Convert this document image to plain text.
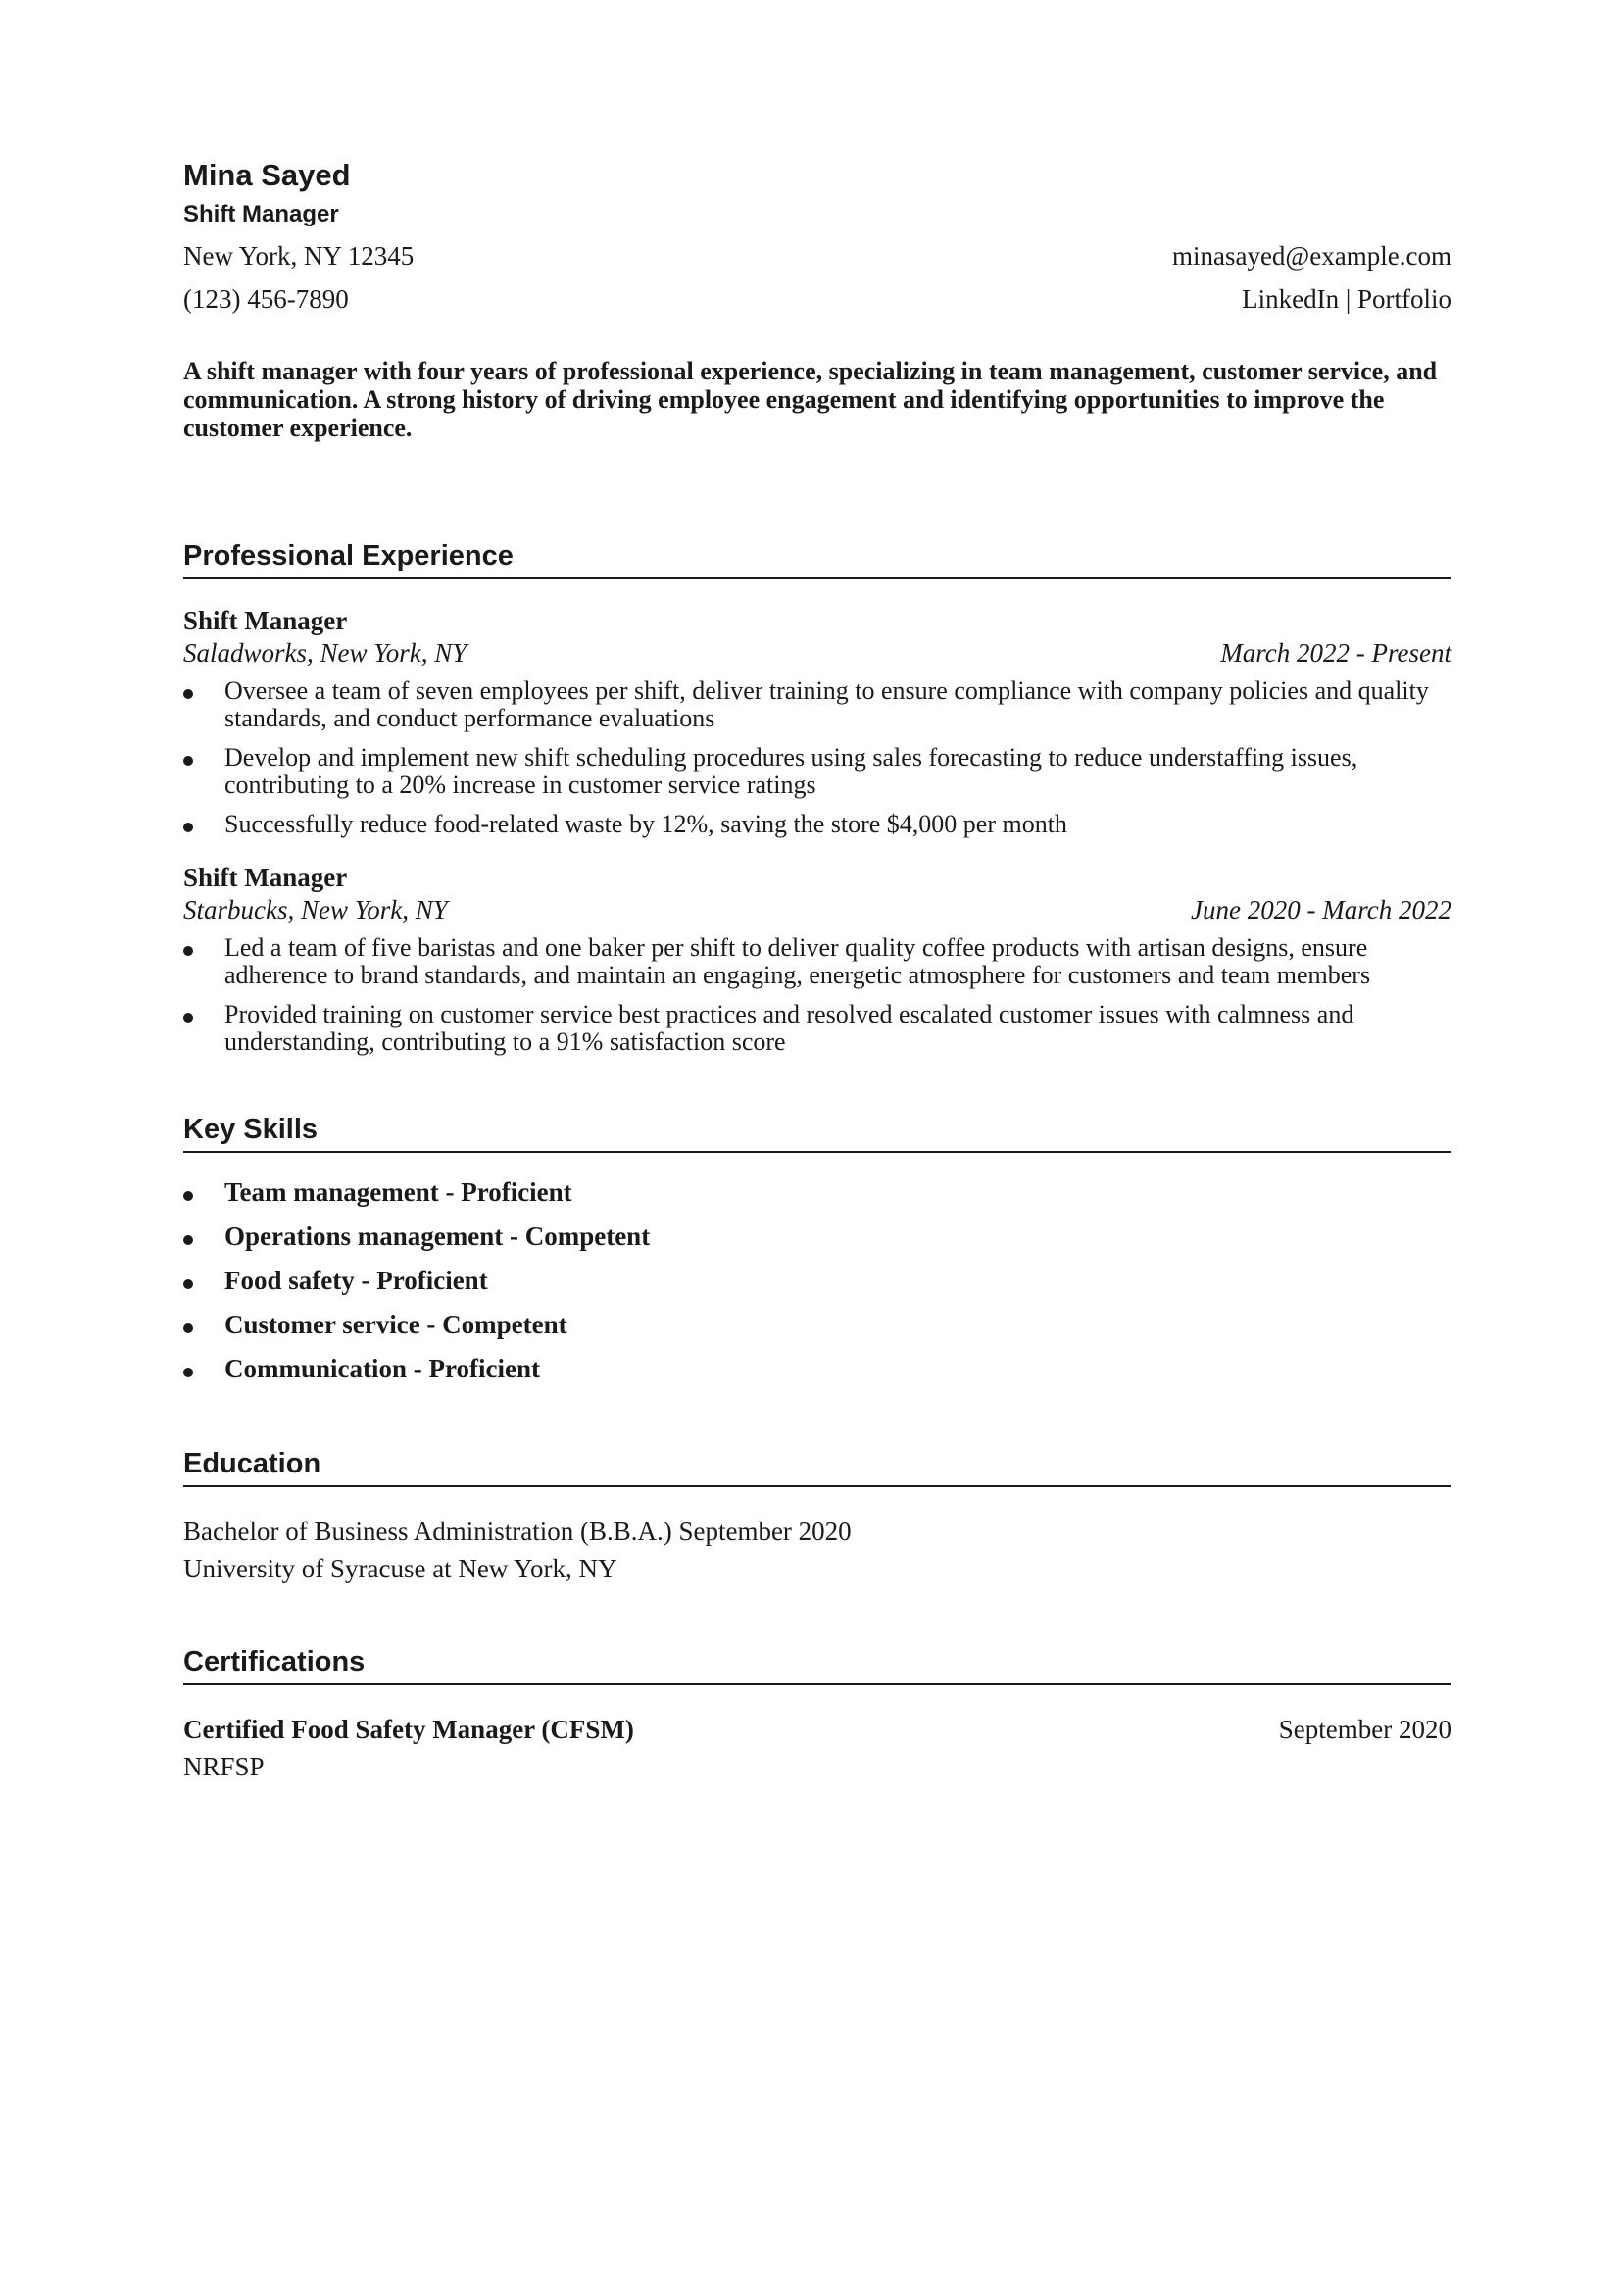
Mina Sayed
Shift Manager
New York, NY 12345	minasayed@example.com
(123) 456-7890	LinkedIn | Portfolio
A shift manager with four years of professional experience, specializing in team management, customer service, and communication. A strong history of driving employee engagement and identifying opportunities to improve the customer experience.
Professional Experience
Shift Manager
Saladworks, New York, NY	March 2022 - Present
Oversee a team of seven employees per shift, deliver training to ensure compliance with company policies and quality standards, and conduct performance evaluations
Develop and implement new shift scheduling procedures using sales forecasting to reduce understaffing issues, contributing to a 20% increase in customer service ratings
Successfully reduce food-related waste by 12%, saving the store $4,000 per month
Shift Manager
Starbucks, New York, NY	June 2020 - March 2022
Led a team of five baristas and one baker per shift to deliver quality coffee products with artisan designs, ensure adherence to brand standards, and maintain an engaging, energetic atmosphere for customers and team members
Provided training on customer service best practices and resolved escalated customer issues with calmness and understanding, contributing to a 91% satisfaction score
Key Skills
Team management - Proficient
Operations management - Competent
Food safety - Proficient
Customer service - Competent
Communication - Proficient
Education
Bachelor of Business Administration (B.B.A.) September 2020
University of Syracuse at New York, NY
Certifications
Certified Food Safety Manager (CFSM)	September 2020
NRFSP
